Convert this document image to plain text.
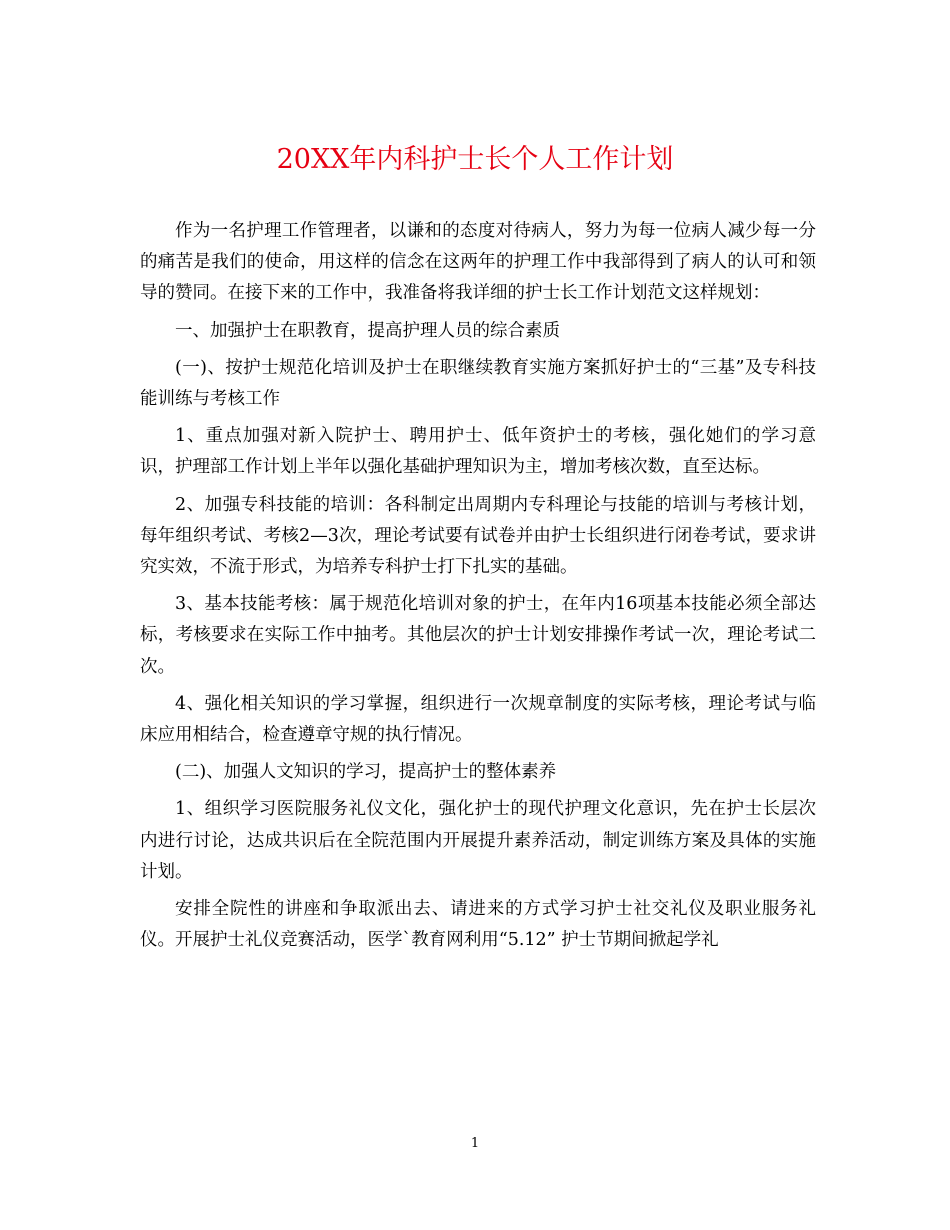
20XX年内科护士长个人工作计划

作为一名护理工作管理者，以谦和的态度对待病人，努力为每一位病人减少每一分的痛苦是我们的使命，用这样的信念在这两年的护理工作中我部得到了病人的认可和领导的赞同。在接下来的工作中，我准备将我详细的护士长工作计划范文这样规划：

一、加强护士在职教育，提高护理人员的综合素质

(一)、按护士规范化培训及护士在职继续教育实施方案抓好护士的“三基”及专科技能训练与考核工作

1、重点加强对新入院护士、聘用护士、低年资护士的考核，强化她们的学习意识，护理部工作计划上半年以强化基础护理知识为主，增加考核次数，直至达标。

2、加强专科技能的培训：各科制定出周期内专科理论与技能的培训与考核计划，每年组织考试、考核2—3次，理论考试要有试卷并由护士长组织进行闭卷考试，要求讲究实效，不流于形式，为培养专科护士打下扎实的基础。

3、基本技能考核：属于规范化培训对象的护士，在年内16项基本技能必须全部达标，考核要求在实际工作中抽考。其他层次的护士计划安排操作考试一次，理论考试二次。

4、强化相关知识的学习掌握，组织进行一次规章制度的实际考核，理论考试与临床应用相结合，检查遵章守规的执行情况。

(二)、加强人文知识的学习，提高护士的整体素养

1、组织学习医院服务礼仪文化，强化护士的现代护理文化意识，先在护士长层次内进行讨论，达成共识后在全院范围内开展提升素养活动，制定训练方案及具体的实施计划。

安排全院性的讲座和争取派出去、请进来的方式学习护士社交礼仪及职业服务礼仪。开展护士礼仪竞赛活动，医学`教育网利用“5.12” 护士节期间掀起学礼

1
